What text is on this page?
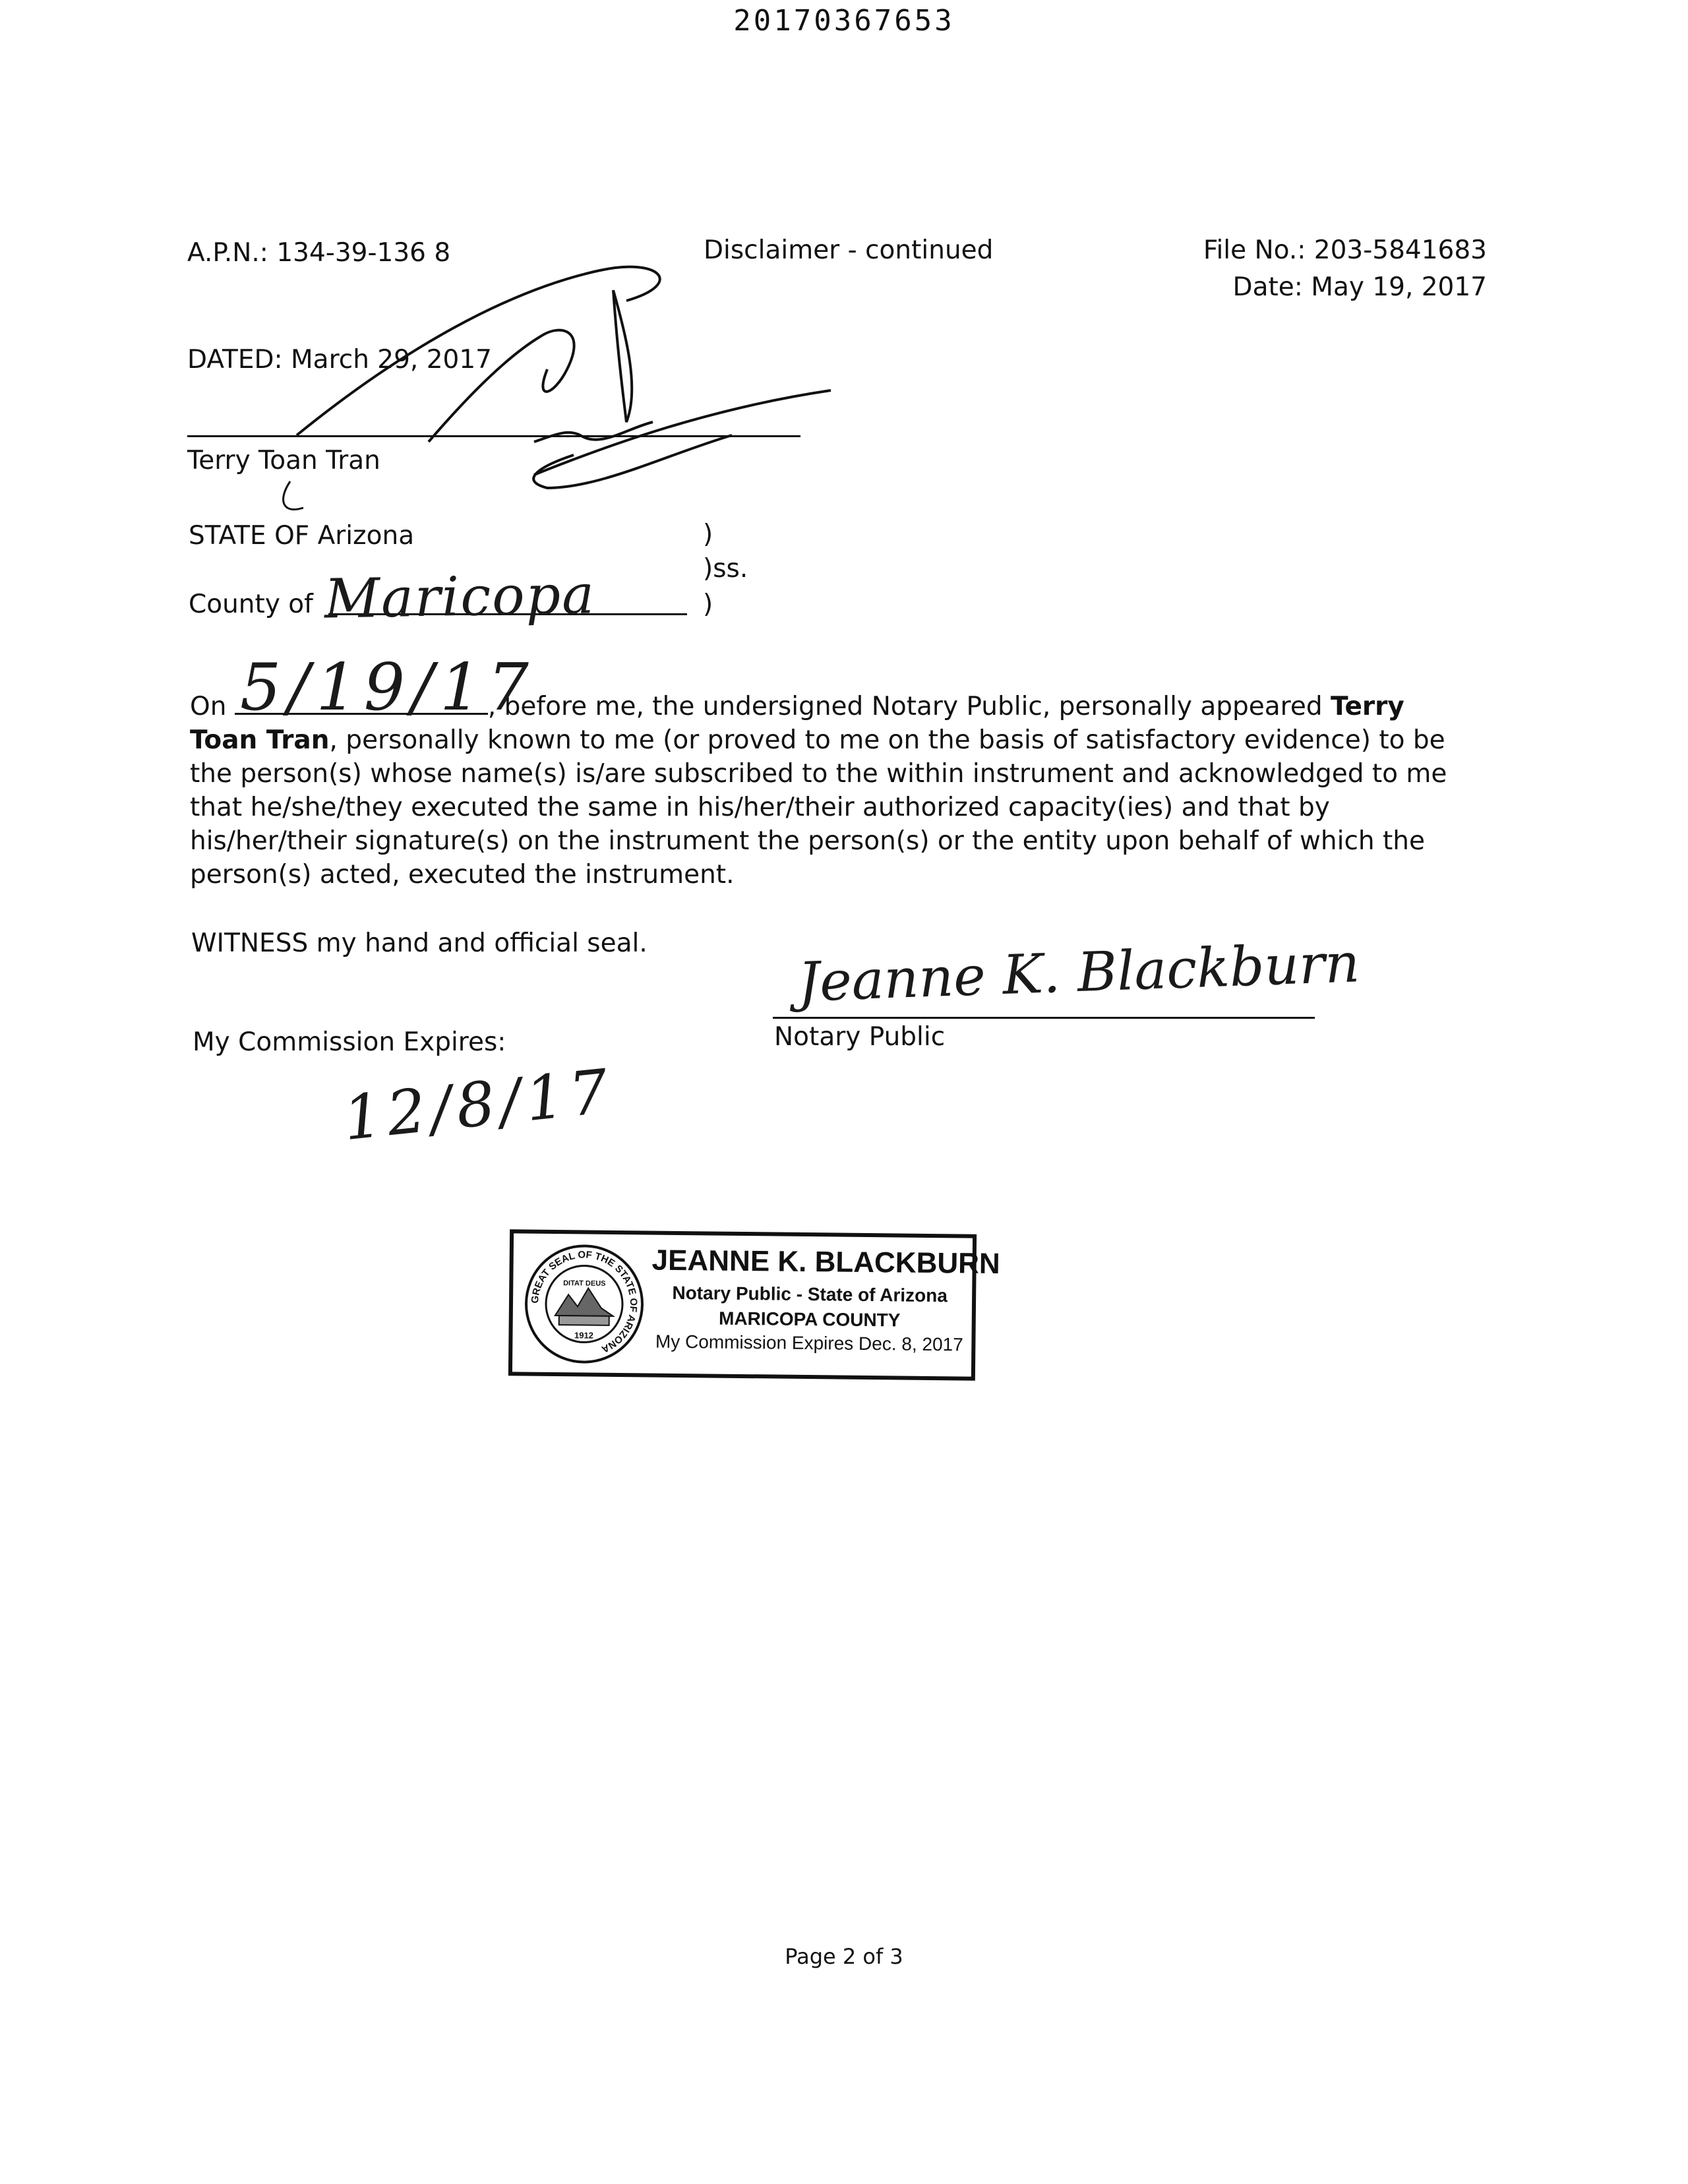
20170367653
A.P.N.: 134-39-136 8	Disclaimer - continued	File No.: 203-5841683
Date: May 19, 2017
DATED: March 29, 2017
Terry Toan Tran
STATE OF Arizona
County of Maricopa
)
)ss.
)
On	, before me, the undersigned Notary Public, personally appeared Terry Toan Tran, personally known to me (or proved to me on the basis of satisfactory evidence) to be the person(s) whose name(s) is/are subscribed to the within instrument and acknowledged to me that he/she/they executed the same in his/her/their authorized capacity(ies) and that by his/her/their signature(s) on the instrument the person(s) or the entity upon behalf of which the person(s) acted, executed the instrument.
5/19/17
WITNESS my hand and official seal.	Jeanne K. Blackburn
Notary Public
My Commission Expires:
12/8/17
GREAT SEAL OF THE STATE OF ARIZONA
DITAT DEUS
1912
JEANNE K. BLACKBURN
Notary Public - State of Arizona
MARICOPA COUNTY
My Commission Expires Dec. 8, 2017
Page 2 of 3
